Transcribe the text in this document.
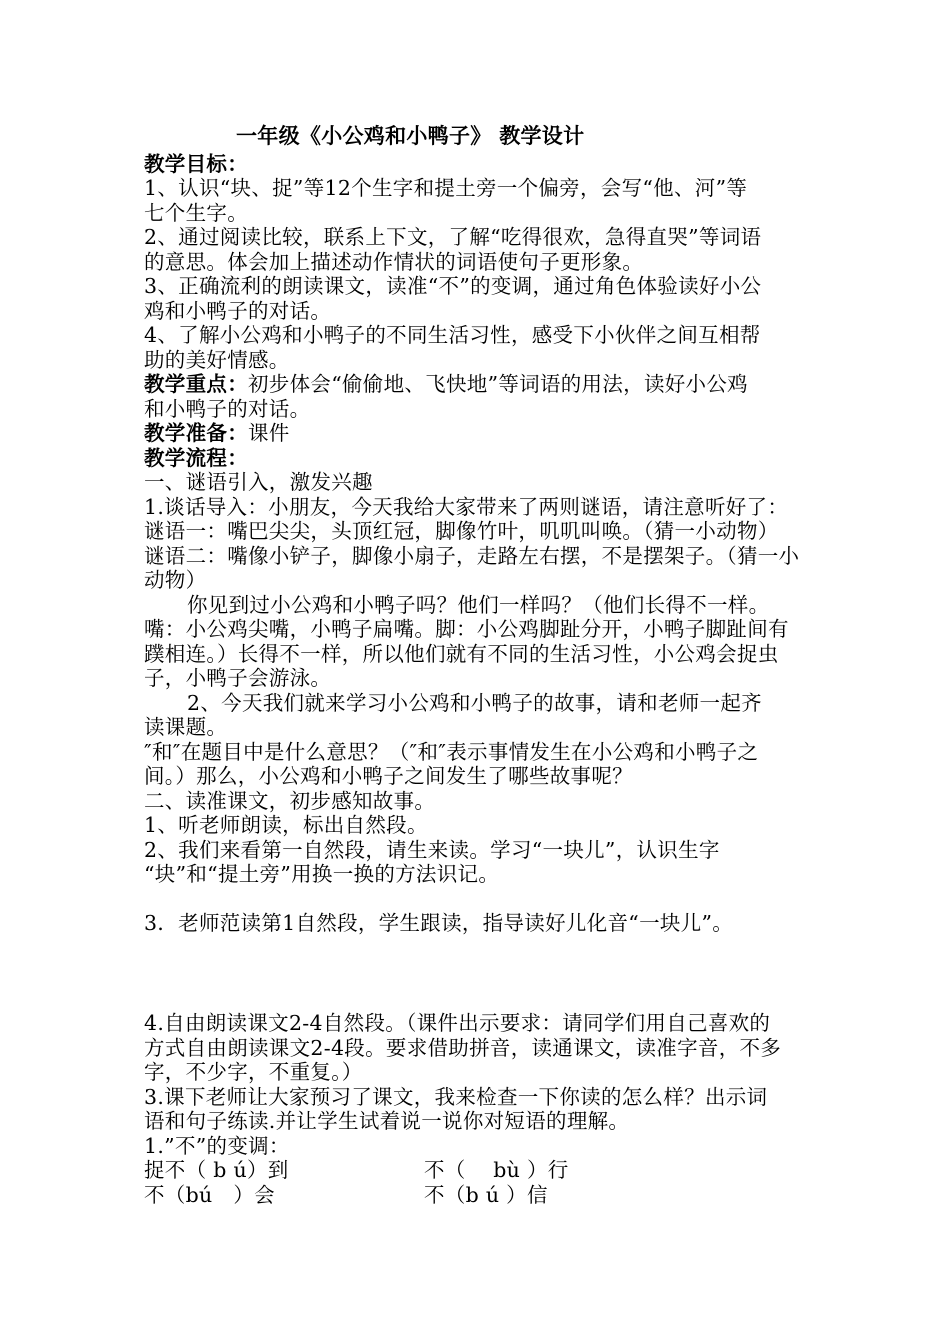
一年级《小公鸡和小鸭子》 教学设计
教学目标：
1、认识“块、捉”等12个生字和提土旁一个偏旁，会写“他、河”等
七个生字。
2、通过阅读比较，联系上下文，了解“吃得很欢，急得直哭”等词语
的意思。体会加上描述动作情状的词语使句子更形象。
3、正确流利的朗读课文，读准“不”的变调，通过角色体验读好小公
鸡和小鸭子的对话。
4、了解小公鸡和小鸭子的不同生活习性，感受下小伙伴之间互相帮
助的美好情感。
教学重点：初步体会“偷偷地、飞快地”等词语的用法，读好小公鸡
和小鸭子的对话。
教学准备：课件
教学流程：
一、谜语引入，激发兴趣
1.谈话导入：小朋友，今天我给大家带来了两则谜语，请注意听好了：
谜语一：嘴巴尖尖，头顶红冠，脚像竹叶，叽叽叫唤。（猜一小动物）
谜语二：嘴像小铲子，脚像小扇子，走路左右摆，不是摆架子。（猜一小
动物）
你见到过小公鸡和小鸭子吗？他们一样吗？（他们长得不一样。
嘴：小公鸡尖嘴，小鸭子扁嘴。脚：小公鸡脚趾分开，小鸭子脚趾间有
蹼相连。）长得不一样，所以他们就有不同的生活习性，小公鸡会捉虫
子，小鸭子会游泳。
2、今天我们就来学习小公鸡和小鸭子的故事，请和老师一起齐
读课题。
″和″在题目中是什么意思？（″和″表示事情发生在小公鸡和小鸭子之
间。）那么，小公鸡和小鸭子之间发生了哪些故事呢？
二、读准课文，初步感知故事。
1、听老师朗读，标出自然段。
2、我们来看第一自然段，请生来读。学习“一块儿”，认识生字
“块”和“提土旁”用换一换的方法识记。
3．老师范读第1自然段，学生跟读，指导读好儿化音“一块儿”。
4.自由朗读课文2-4自然段。（课件出示要求：请同学们用自己喜欢的
方式自由朗读课文2-4段。要求借助拼音，读通课文，读准字音，不多
字，不少字，不重复。）
3.课下老师让大家预习了课文，我来检查一下你读的怎么样？出示词
语和句子练读.并让学生试着说一说你对短语的理解。
1.”不”的变调：
捉不（ b ú）到	不（　 bù ）行
不（bú　）会	不（b ú ）信
